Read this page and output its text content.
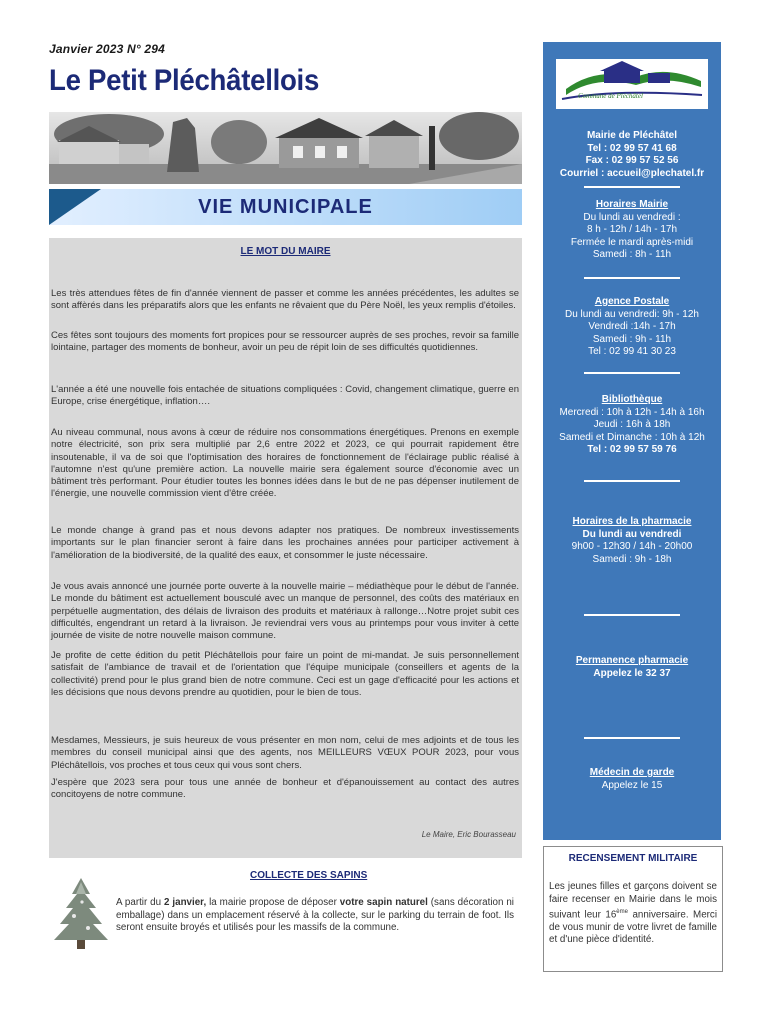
Janvier 2023 N° 294
Le Petit Pléchâtellois
VIE MUNICIPALE
LE MOT DU MAIRE

Les très attendues fêtes de fin d'année viennent de passer et comme les années précédentes, les adultes se sont affèrés dans les préparatifs alors que les enfants ne rêvaient que du Père Noël, les yeux remplis d'étoiles.

Ces fêtes sont toujours des moments fort propices pour se ressourcer auprès de ses proches, revoir sa famille lointaine, partager des moments de bonheur, avoir un peu de répit loin de ses difficultés quotidiennes.

L'année a été une nouvelle fois entachée de situations compliquées : Covid, changement climatique, guerre en Europe, crise énergétique, inflation….

Au niveau communal, nous avons à cœur de réduire nos consommations énergétiques. Prenons en exemple notre électricité, son prix sera multiplié par 2,6 entre 2022 et 2023, ce qui pourrait rapidement être insoutenable, il va de soi que l'optimisation des horaires de fonctionnement de l'éclairage public réalisé à l'automne n'est qu'une première action. La nouvelle mairie sera également source d'économie avec un bâtiment très performant. Pour étudier toutes les bonnes idées dans le but de ne pas dépenser inutilement de l'énergie, une nouvelle commission vient d'être créée.

Le monde change à grand pas et nous devons adapter nos pratiques. De nombreux investissements importants sur le plan financier seront à faire dans les prochaines années pour participer activement à l'amélioration de la biodiversité, de la qualité des eaux, et consommer le juste nécessaire.

Je vous avais annoncé une journée porte ouverte à la nouvelle mairie – médiathèque pour le début de l'année. Le monde du bâtiment est actuellement bousculé avec un manque de personnel, des coûts des matériaux en perpétuelle augmentation, des délais de livraison des produits et matériaux à rallonge…Notre projet subit ces difficultés, engendrant un retard à la livraison. Je reviendrai vers vous au printemps pour vous inviter à cette journée de visite de notre nouvelle maison commune.

Je profite de cette édition du petit Pléchâtellois pour faire un point de mi-mandat. Je suis personnellement satisfait de l'ambiance de travail et de l'orientation que l'équipe municipale (conseillers et agents de la collectivité) prend pour le plus grand bien de notre commune. Ceci est un gage d'efficacité pour les actions et les décisions que nous devons prendre au quotidien, pour le bien de tous.

Mesdames, Messieurs, je suis heureux de vous présenter en mon nom, celui de mes adjoints et de tous les membres du conseil municipal ainsi que des agents, nos MEILLEURS VŒUX POUR 2023, pour vous Pléchâtellois, vos proches et tous ceux qui vous sont chers.

J'espère que 2023 sera pour tous une année de bonheur et d'épanouissement au contact des autres concitoyens de notre commune.

Le Maire, Eric Bourasseau
COLLECTE DES SAPINS

A partir du 2 janvier, la mairie propose de déposer votre sapin naturel (sans décoration ni emballage) dans un emplacement réservé à la collecte, sur le parking du terrain de foot. Ils seront ensuite broyés et utilisés pour les massifs de la commune.

Commune de Pléchâtel
Mairie de Pléchâtel
Tel : 02 99 57 41 68
Fax : 02 99 57 52 56
Courriel : accueil@plechatel.fr
Horaires Mairie
Du lundi au vendredi :
8 h - 12h / 14h - 17h
Fermée le mardi après-midi
Samedi : 8h - 11h
Agence Postale
Du lundi au vendredi: 9h - 12h
Vendredi :14h - 17h
Samedi : 9h - 11h
Tel : 02 99 41 30 23
Bibliothèque
Mercredi : 10h à 12h - 14h à 16h
Jeudi : 16h à 18h
Samedi et Dimanche : 10h à 12h
Tel : 02 99 57 59 76
Horaires de la pharmacie
Du lundi au vendredi
9h00 - 12h30 / 14h - 20h00
Samedi : 9h - 18h
Permanence pharmacie
Appelez le 32 37
Médecin de garde
Appelez le 15
RECENSEMENT MILITAIRE

Les jeunes filles et garçons doivent se faire recenser en Mairie dans le mois suivant leur 16ème anniversaire. Merci de vous munir de votre livret de famille et d'une pièce d'identité.
